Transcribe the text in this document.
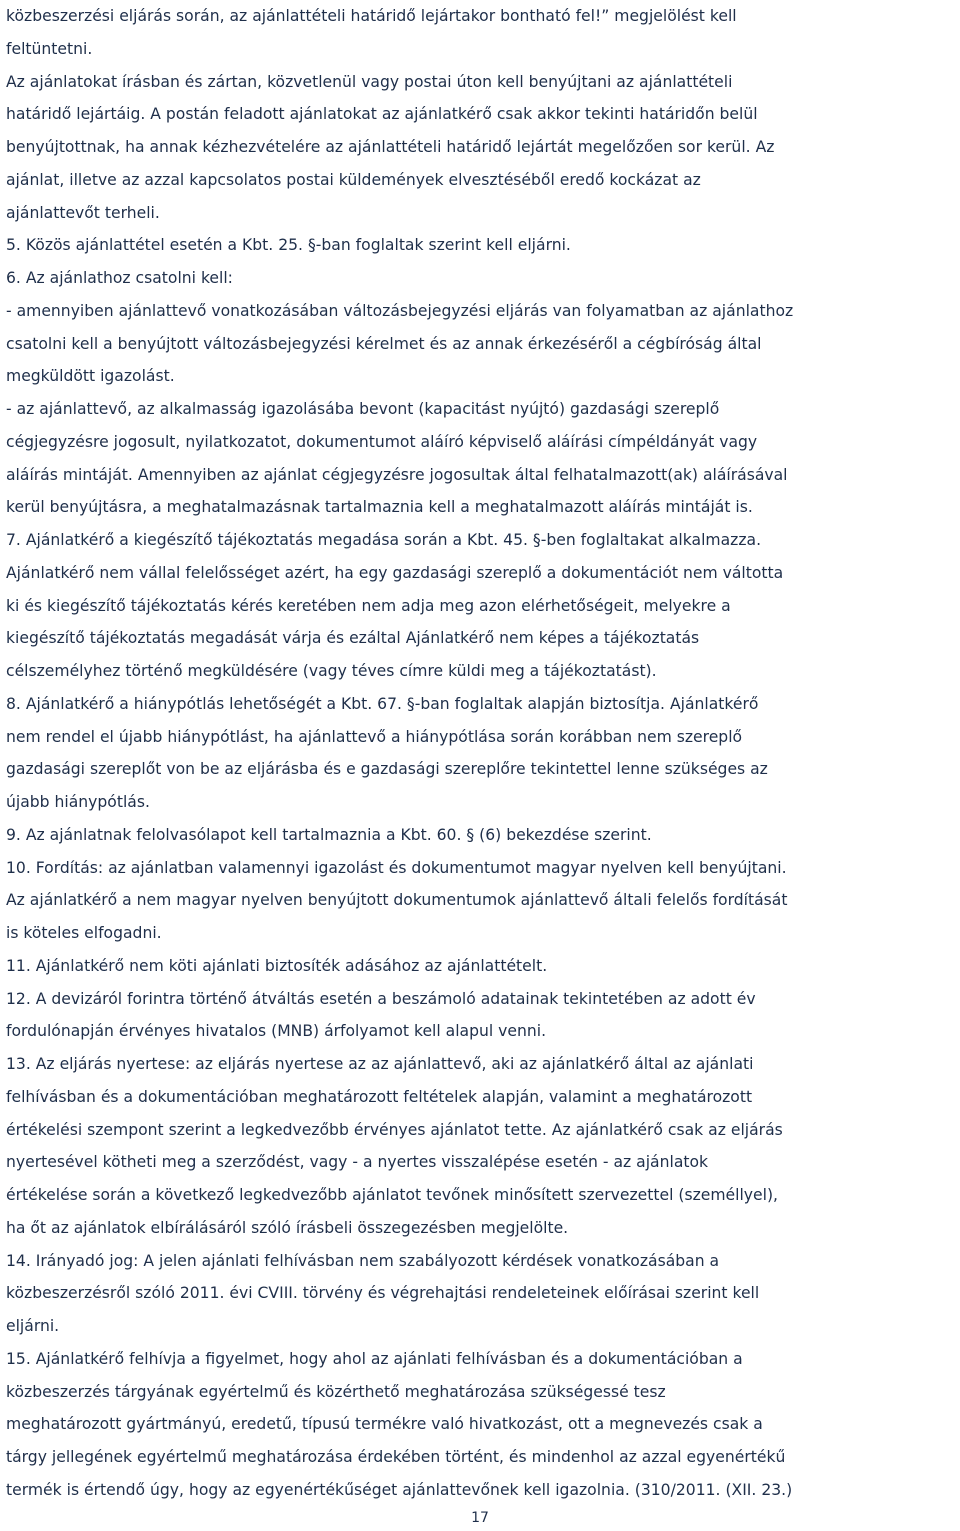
közbeszerzési eljárás során, az ajánlattételi határidő lejártakor bontható fel!” megjelölést kell

feltüntetni.

Az ajánlatokat írásban és zártan, közvetlenül vagy postai úton kell benyújtani az ajánlattételi

határidő lejártáig. A postán feladott ajánlatokat az ajánlatkérő csak akkor tekinti határidőn belül

benyújtottnak, ha annak kézhezvételére az ajánlattételi határidő lejártát megelőzően sor kerül. Az

ajánlat, illetve az azzal kapcsolatos postai küldemények elvesztéséből eredő kockázat az

ajánlattevőt terheli.

5. Közös ajánlattétel esetén a Kbt. 25. §-ban foglaltak szerint kell eljárni.

6. Az ajánlathoz csatolni kell:

- amennyiben ajánlattevő vonatkozásában változásbejegyzési eljárás van folyamatban az ajánlathoz

csatolni kell a benyújtott változásbejegyzési kérelmet és az annak érkezéséről a cégbíróság által

megküldött igazolást.

- az ajánlattevő, az alkalmasság igazolásába bevont (kapacitást nyújtó) gazdasági szereplő

cégjegyzésre jogosult, nyilatkozatot, dokumentumot aláíró képviselő aláírási címpéldányát vagy

aláírás mintáját. Amennyiben az ajánlat cégjegyzésre jogosultak által felhatalmazott(ak) aláírásával

kerül benyújtásra, a meghatalmazásnak tartalmaznia kell a meghatalmazott aláírás mintáját is.

7. Ajánlatkérő a kiegészítő tájékoztatás megadása során a Kbt. 45. §-ben foglaltakat alkalmazza.

Ajánlatkérő nem vállal felelősséget azért, ha egy gazdasági szereplő a dokumentációt nem váltotta

ki és kiegészítő tájékoztatás kérés keretében nem adja meg azon elérhetőségeit, melyekre a

kiegészítő tájékoztatás megadását várja és ezáltal Ajánlatkérő nem képes a tájékoztatás

célszemélyhez történő megküldésére (vagy téves címre küldi meg a tájékoztatást).

8. Ajánlatkérő a hiánypótlás lehetőségét a Kbt. 67. §-ban foglaltak alapján biztosítja. Ajánlatkérő

nem rendel el újabb hiánypótlást, ha ajánlattevő a hiánypótlása során korábban nem szereplő

gazdasági szereplőt von be az eljárásba és e gazdasági szereplőre tekintettel lenne szükséges az

újabb hiánypótlás.

9. Az ajánlatnak felolvasólapot kell tartalmaznia a Kbt. 60. § (6) bekezdése szerint.

10. Fordítás: az ajánlatban valamennyi igazolást és dokumentumot magyar nyelven kell benyújtani.

Az ajánlatkérő a nem magyar nyelven benyújtott dokumentumok ajánlattevő általi felelős fordítását

is köteles elfogadni.

11. Ajánlatkérő nem köti ajánlati biztosíték adásához az ajánlattételt.

12. A devizáról forintra történő átváltás esetén a beszámoló adatainak tekintetében az adott év

fordulónapján érvényes hivatalos (MNB) árfolyamot kell alapul venni.

13. Az eljárás nyertese: az eljárás nyertese az az ajánlattevő, aki az ajánlatkérő által az ajánlati

felhívásban és a dokumentációban meghatározott feltételek alapján, valamint a meghatározott

értékelési szempont szerint a legkedvezőbb érvényes ajánlatot tette. Az ajánlatkérő csak az eljárás

nyertesével kötheti meg a szerződést, vagy - a nyertes visszalépése esetén - az ajánlatok

értékelése során a következő legkedvezőbb ajánlatot tevőnek minősített szervezettel (személlyel),

ha őt az ajánlatok elbírálásáról szóló írásbeli összegezésben megjelölte.

14. Irányadó jog: A jelen ajánlati felhívásban nem szabályozott kérdések vonatkozásában a

közbeszerzésről szóló 2011. évi CVIII. törvény és végrehajtási rendeleteinek előírásai szerint kell

eljárni.

15. Ajánlatkérő felhívja a figyelmet, hogy ahol az ajánlati felhívásban és a dokumentációban a

közbeszerzés tárgyának egyértelmű és közérthető meghatározása szükségessé tesz

meghatározott gyártmányú, eredetű, típusú termékre való hivatkozást, ott a megnevezés csak a

tárgy jellegének egyértelmű meghatározása érdekében történt, és mindenhol az azzal egyenértékű

termék is értendő úgy, hogy az egyenértékűséget ajánlattevőnek kell igazolnia. (310/2011. (XII. 23.)

17
